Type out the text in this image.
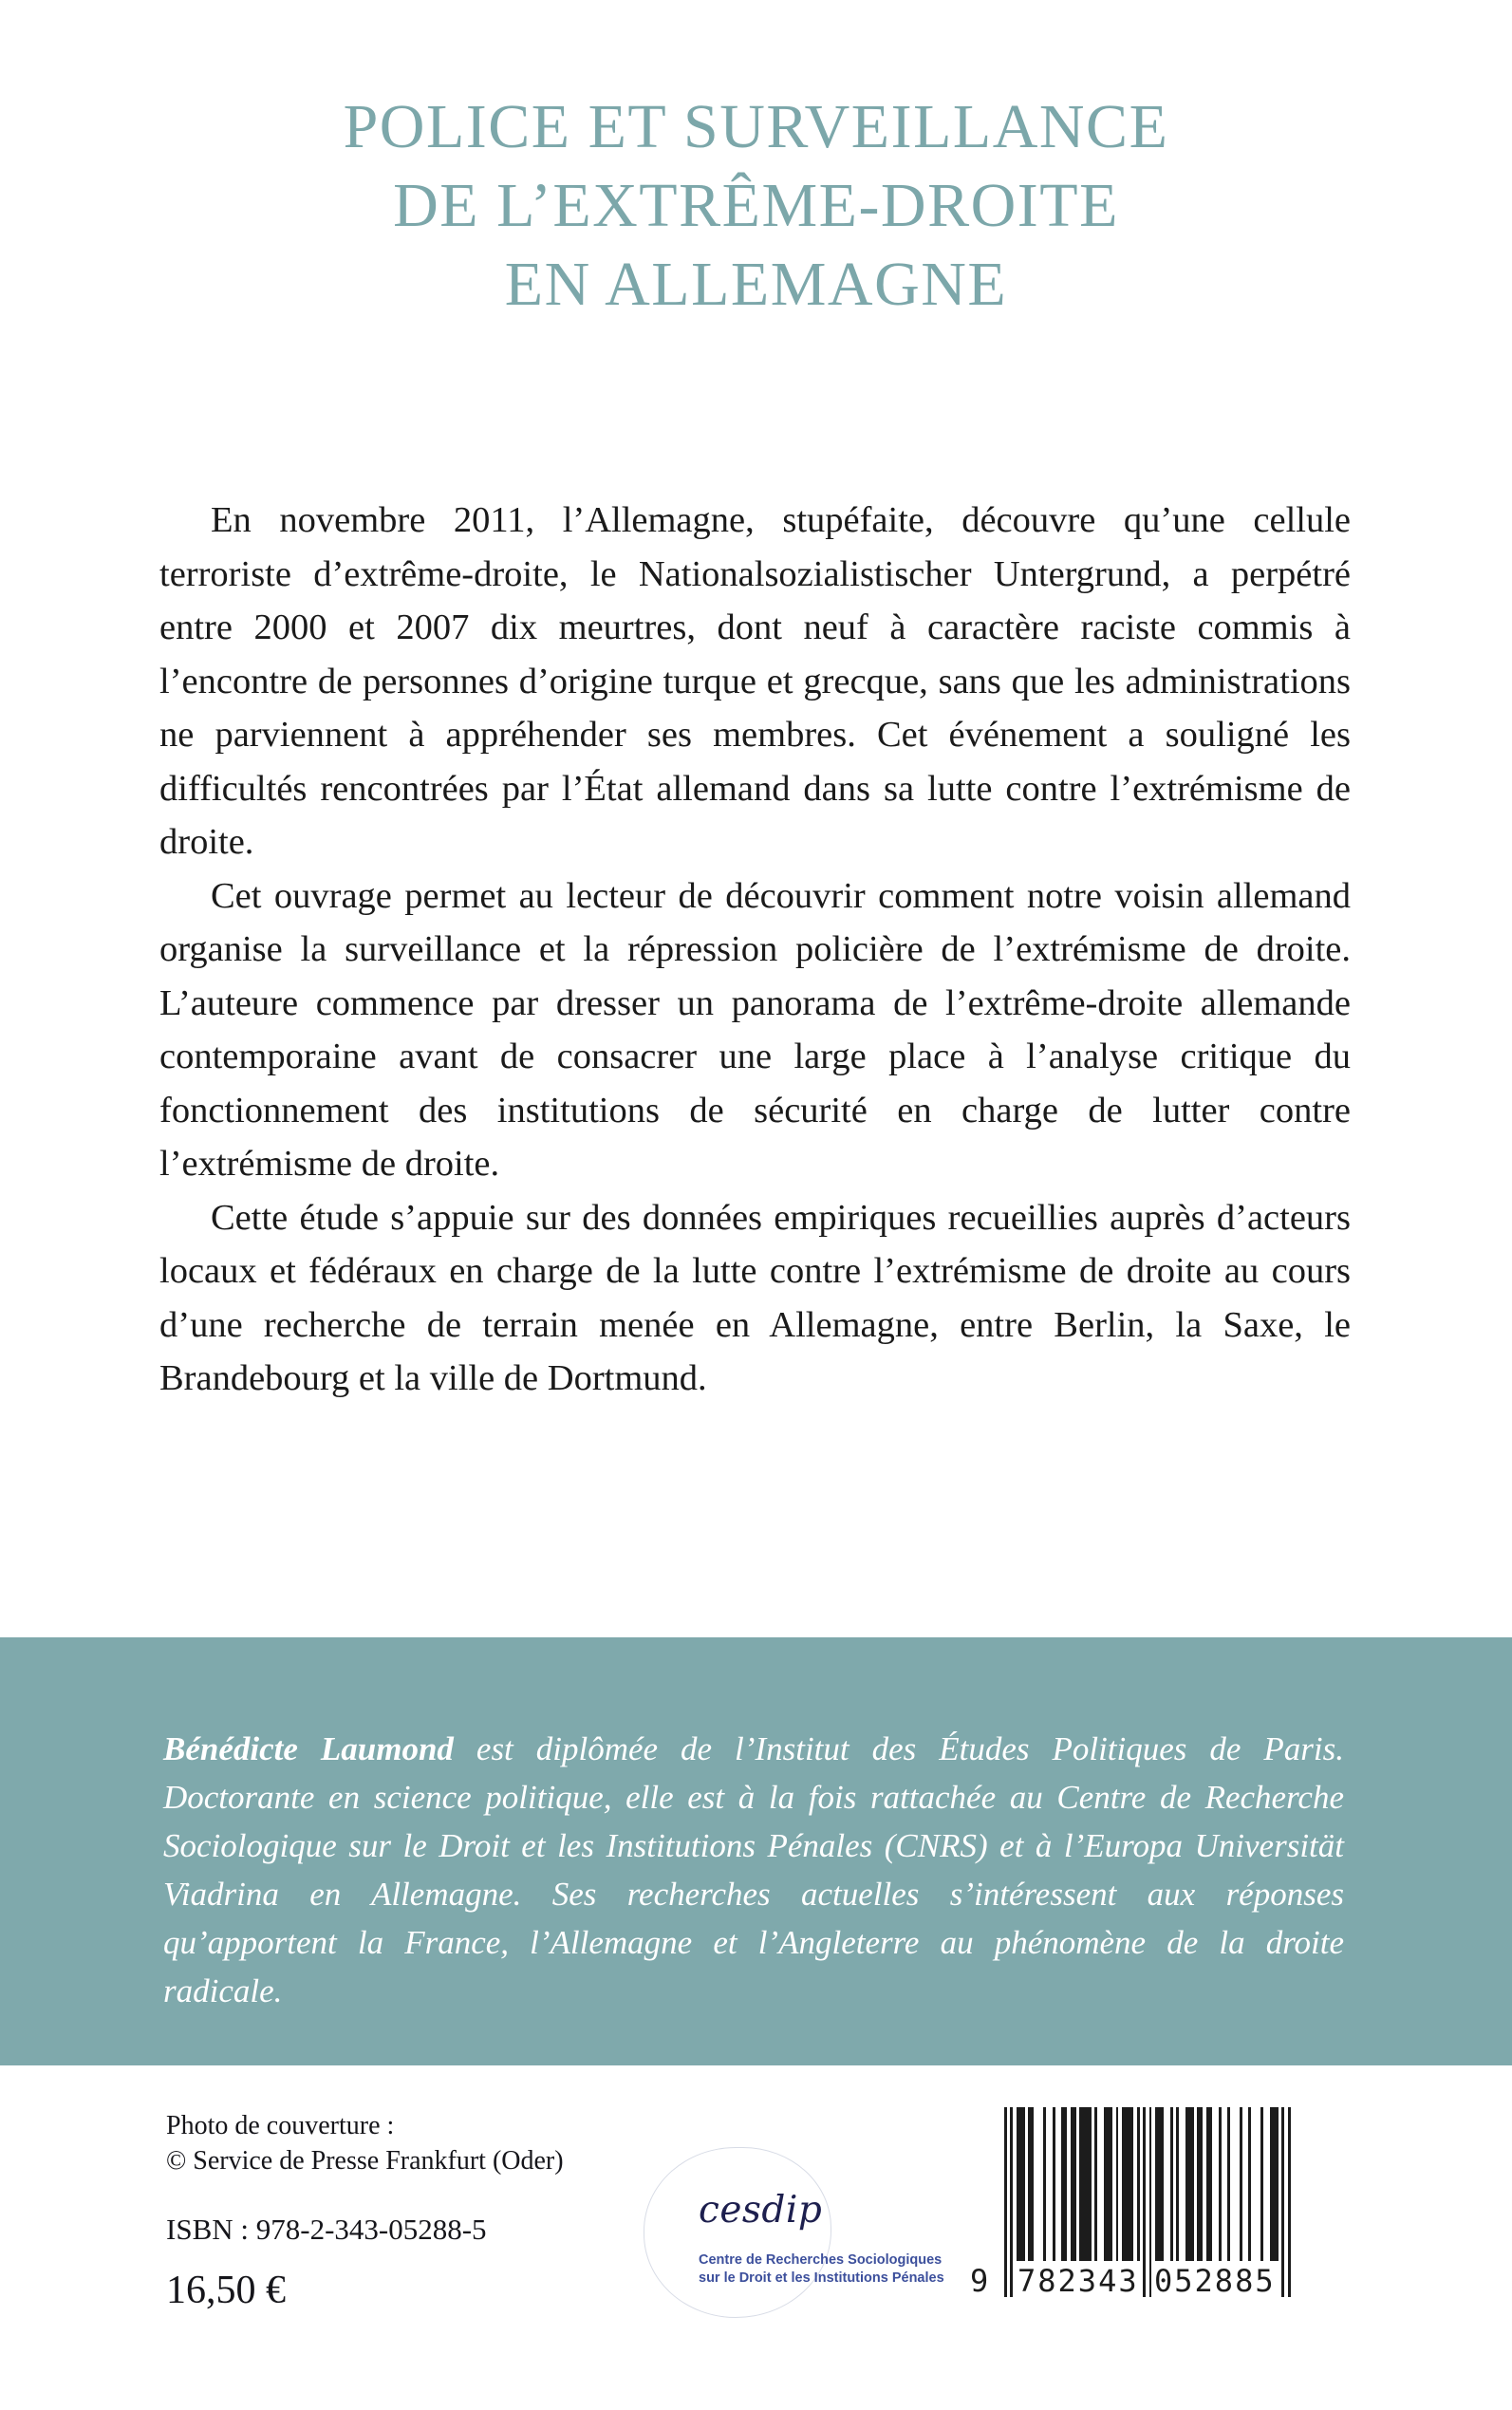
POLICE ET SURVEILLANCE
DE L’EXTRÊME-DROITE
EN ALLEMAGNE

En novembre 2011, l’Allemagne, stupéfaite, découvre qu’une cellule terroriste d’extrême-droite, le Nationalsozialistischer Untergrund, a perpétré entre 2000 et 2007 dix meurtres, dont neuf à caractère raciste commis à l’encontre de personnes d’origine turque et grecque, sans que les administrations ne parviennent à appréhender ses membres. Cet événement a souligné les difficultés rencontrées par l’État allemand dans sa lutte contre l’extrémisme de droite.

Cet ouvrage permet au lecteur de découvrir comment notre voisin allemand organise la surveillance et la répression policière de l’extrémisme de droite. L’auteure commence par dresser un panorama de l’extrême-droite allemande contemporaine avant de consacrer une large place à l’analyse critique du fonctionnement des institutions de sécurité en charge de lutter contre l’extrémisme de droite.

Cette étude s’appuie sur des données empiriques recueillies auprès d’acteurs locaux et fédéraux en charge de la lutte contre l’extrémisme de droite au cours d’une recherche de terrain menée en Allemagne, entre Berlin, la Saxe, le Brandebourg et la ville de Dortmund.

Bénédicte Laumond est diplômée de l’Institut des Études Politiques de Paris. Doctorante en science politique, elle est à la fois rattachée au Centre de Recherche Sociologique sur le Droit et les Institutions Pénales (CNRS) et à l’Europa Universität Viadrina en Allemagne. Ses recherches actuelles s’intéressent aux réponses qu’apportent la France, l’Allemagne et l’Angleterre au phénomène de la droite radicale.
Photo de couverture :
© Service de Presse Frankfurt (Oder)
ISBN : 978-2-343-05288-5
16,50 €
cesdip
Centre de Recherches Sociologiques
sur le Droit et les Institutions Pénales 9 782343 052885
